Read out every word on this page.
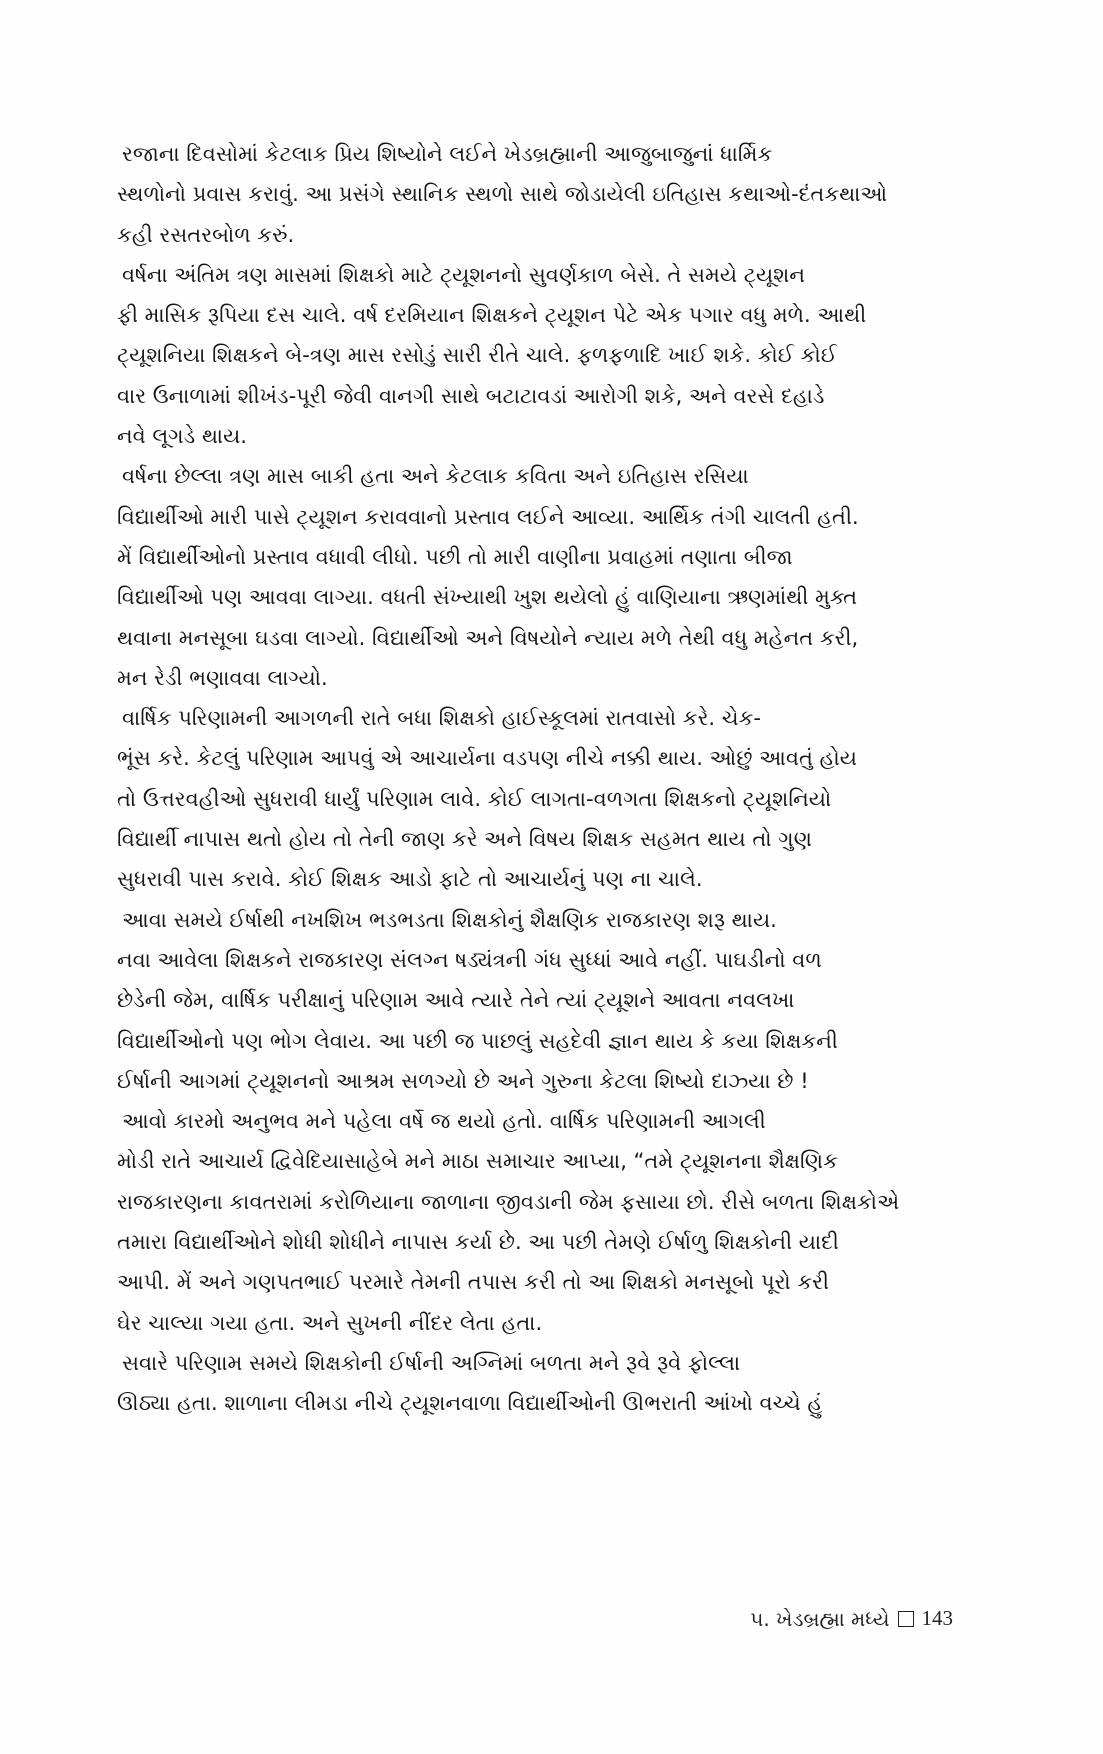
રજાના દિવસોમાં કેટલાક પ્રિય શિષ્યોને લઈને ખેડબ્રહ્માની આજુબાજુનાં ધાર્મિક
સ્થળોનો પ્રવાસ કરાવું. આ પ્રસંગે સ્થાનિક સ્થળો સાથે જોડાયેલી ઇતિહાસ કથાઓ-દંતકથાઓ
કહી રસતરબોળ કરું.
વર્ષના અંતિમ ત્રણ માસમાં શિક્ષકો માટે ટ્યૂશનનો સુવર્ણકાળ બેસે. તે સમયે ટ્યૂશન
ફી માસિક રૂપિયા દસ ચાલે. વર્ષ દરમિયાન શિક્ષકને ટ્યૂશન પેટે એક પગાર વધુ મળે. આથી
ટ્યૂશનિયા શિક્ષકને બે-ત્રણ માસ રસોડું સારી રીતે ચાલે. ફળફળાદિ ખાઈ શકે. કોઈ કોઈ
વાર ઉનાળામાં શીખંડ-પૂરી જેવી વાનગી સાથે બટાટાવડાં આરોગી શકે, અને વરસે દહાડે
નવે લૂગડે થાય.
વર્ષના છેલ્લા ત્રણ માસ બાકી હતા અને કેટલાક કવિતા અને ઇતિહાસ રસિયા
વિદ્યાર્થીઓ મારી પાસે ટ્યૂશન કરાવવાનો પ્રસ્તાવ લઈને આવ્યા. આર્થિક તંગી ચાલતી હતી.
મેં વિદ્યાર્થીઓનો પ્રસ્તાવ વધાવી લીધો. પછી તો મારી વાણીના પ્રવાહમાં તણાતા બીજા
વિદ્યાર્થીઓ પણ આવવા લાગ્યા. વધતી સંખ્યાથી ખુશ થયેલો હું વાણિયાના ઋણમાંથી મુક્ત
થવાના મનસૂબા ઘડવા લાગ્યો. વિદ્યાર્થીઓ અને વિષયોને ન્યાય મળે તેથી વધુ મહેનત કરી,
મન રેડી ભણાવવા લાગ્યો.
વાર્ષિક પરિણામની આગળની રાતે બધા શિક્ષકો હાઈસ્કૂલમાં રાતવાસો કરે. ચેક-
ભૂંસ કરે. કેટલું પરિણામ આપવું એ આચાર્યના વડપણ નીચે નક્કી થાય. ઓછું આવતું હોય
તો ઉત્તરવહીઓ સુધરાવી ધાર્યું પરિણામ લાવે. કોઈ લાગતા-વળગતા શિક્ષકનો ટ્યૂશનિયો
વિદ્યાર્થી નાપાસ થતો હોય તો તેની જાણ કરે અને વિષય શિક્ષક સહમત થાય તો ગુણ
સુધરાવી પાસ કરાવે. કોઈ શિક્ષક આડો ફાટે તો આચાર્યનું પણ ના ચાલે.
આવા સમયે ઈર્ષાથી નખશિખ ભડભડતા શિક્ષકોનું શૈક્ષણિક રાજકારણ શરૂ થાય.
નવા આવેલા શિક્ષકને રાજકારણ સંલગ્ન ષડ્યંત્રની ગંધ સુધ્ધાં આવે નહીં. પાઘડીનો વળ
છેડેની જેમ, વાર્ષિક પરીક્ષાનું પરિણામ આવે ત્યારે તેને ત્યાં ટ્યૂશને આવતા નવલખા
વિદ્યાર્થીઓનો પણ ભોગ લેવાય. આ પછી જ પાછલું સહદેવી જ્ઞાન થાય કે કયા શિક્ષકની
ઈર્ષાની આગમાં ટ્યૂશનનો આશ્રમ સળગ્યો છે અને ગુરુના કેટલા શિષ્યો દાઝ્યા છે !
આવો કારમો અનુભવ મને પહેલા વર્ષે જ થયો હતો. વાર્ષિક પરિણામની આગલી
મોડી રાતે આચાર્ય દ્વિવેદિયાસાહેબે મને માઠા સમાચાર આપ્યા, “તમે ટ્યૂશનના શૈક્ષણિક
રાજકારણના કાવતરામાં કરોળિયાના જાળાના જીવડાની જેમ ફસાયા છો. રીસે બળતા શિક્ષકોએ
તમારા વિદ્યાર્થીઓને શોધી શોધીને નાપાસ કર્યા છે. આ પછી તેમણે ઈર્ષાળુ શિક્ષકોની યાદી
આપી. મેં અને ગણપતભાઈ પરમારે તેમની તપાસ કરી તો આ શિક્ષકો મનસૂબો પૂરો કરી
ઘેર ચાલ્યા ગયા હતા. અને સુખની નીંદર લેતા હતા.
સવારે પરિણામ સમયે શિક્ષકોની ઈર્ષાની અગ્નિમાં બળતા મને રૂવે રૂવે ફોલ્લા
ઊઠ્યા હતા. શાળાના લીમડા નીચે ટ્યૂશનવાળા વિદ્યાર્થીઓની ઊભરાતી આંખો વચ્ચે હું
૫. ખેડબ્રહ્મા મધ્યે 143
